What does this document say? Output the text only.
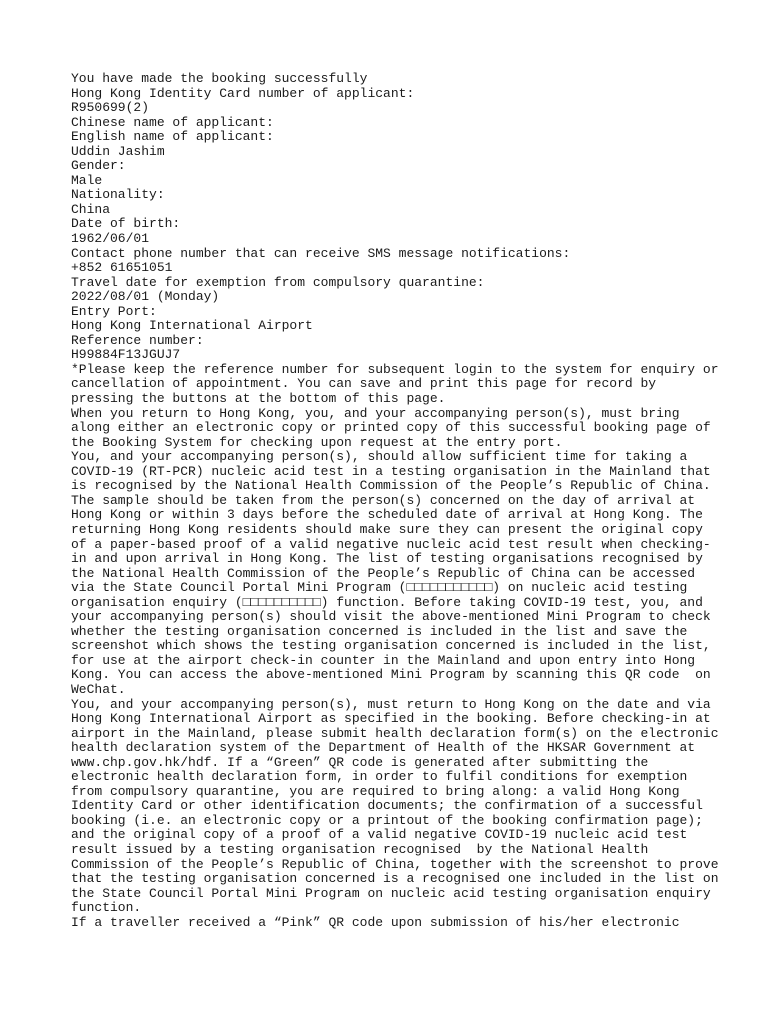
You have made the booking successfully
Hong Kong Identity Card number of applicant:
R950699(2)
Chinese name of applicant:
English name of applicant:
Uddin Jashim
Gender:
Male
Nationality:
China
Date of birth:
1962/06/01
Contact phone number that can receive SMS message notifications:
+852 61651051
Travel date for exemption from compulsory quarantine:
2022/08/01 (Monday)
Entry Port:
Hong Kong International Airport
Reference number:
H99884F13JGUJ7
*Please keep the reference number for subsequent login to the system for enquiry or
cancellation of appointment. You can save and print this page for record by
pressing the buttons at the bottom of this page.
When you return to Hong Kong, you, and your accompanying person(s), must bring
along either an electronic copy or printed copy of this successful booking page of
the Booking System for checking upon request at the entry port.
You, and your accompanying person(s), should allow sufficient time for taking a
COVID-19 (RT-PCR) nucleic acid test in a testing organisation in the Mainland that
is recognised by the National Health Commission of the People’s Republic of China.
The sample should be taken from the person(s) concerned on the day of arrival at
Hong Kong or within 3 days before the scheduled date of arrival at Hong Kong. The
returning Hong Kong residents should make sure they can present the original copy
of a paper-based proof of a valid negative nucleic acid test result when checking-
in and upon arrival in Hong Kong. The list of testing organisations recognised by
the National Health Commission of the People’s Republic of China can be accessed
via the State Council Portal Mini Program (□□□□□□□□□□□) on nucleic acid testing
organisation enquiry (□□□□□□□□□□) function. Before taking COVID-19 test, you, and
your accompanying person(s) should visit the above-mentioned Mini Program to check
whether the testing organisation concerned is included in the list and save the
screenshot which shows the testing organisation concerned is included in the list,
for use at the airport check-in counter in the Mainland and upon entry into Hong
Kong. You can access the above-mentioned Mini Program by scanning this QR code  on
WeChat.
You, and your accompanying person(s), must return to Hong Kong on the date and via
Hong Kong International Airport as specified in the booking. Before checking-in at
airport in the Mainland, please submit health declaration form(s) on the electronic
health declaration system of the Department of Health of the HKSAR Government at
www.chp.gov.hk/hdf. If a “Green” QR code is generated after submitting the
electronic health declaration form, in order to fulfil conditions for exemption
from compulsory quarantine, you are required to bring along: a valid Hong Kong
Identity Card or other identification documents; the confirmation of a successful
booking (i.e. an electronic copy or a printout of the booking confirmation page);
and the original copy of a proof of a valid negative COVID-19 nucleic acid test
result issued by a testing organisation recognised  by the National Health
Commission of the People’s Republic of China, together with the screenshot to prove
that the testing organisation concerned is a recognised one included in the list on
the State Council Portal Mini Program on nucleic acid testing organisation enquiry
function.
If a traveller received a “Pink” QR code upon submission of his/her electronic
